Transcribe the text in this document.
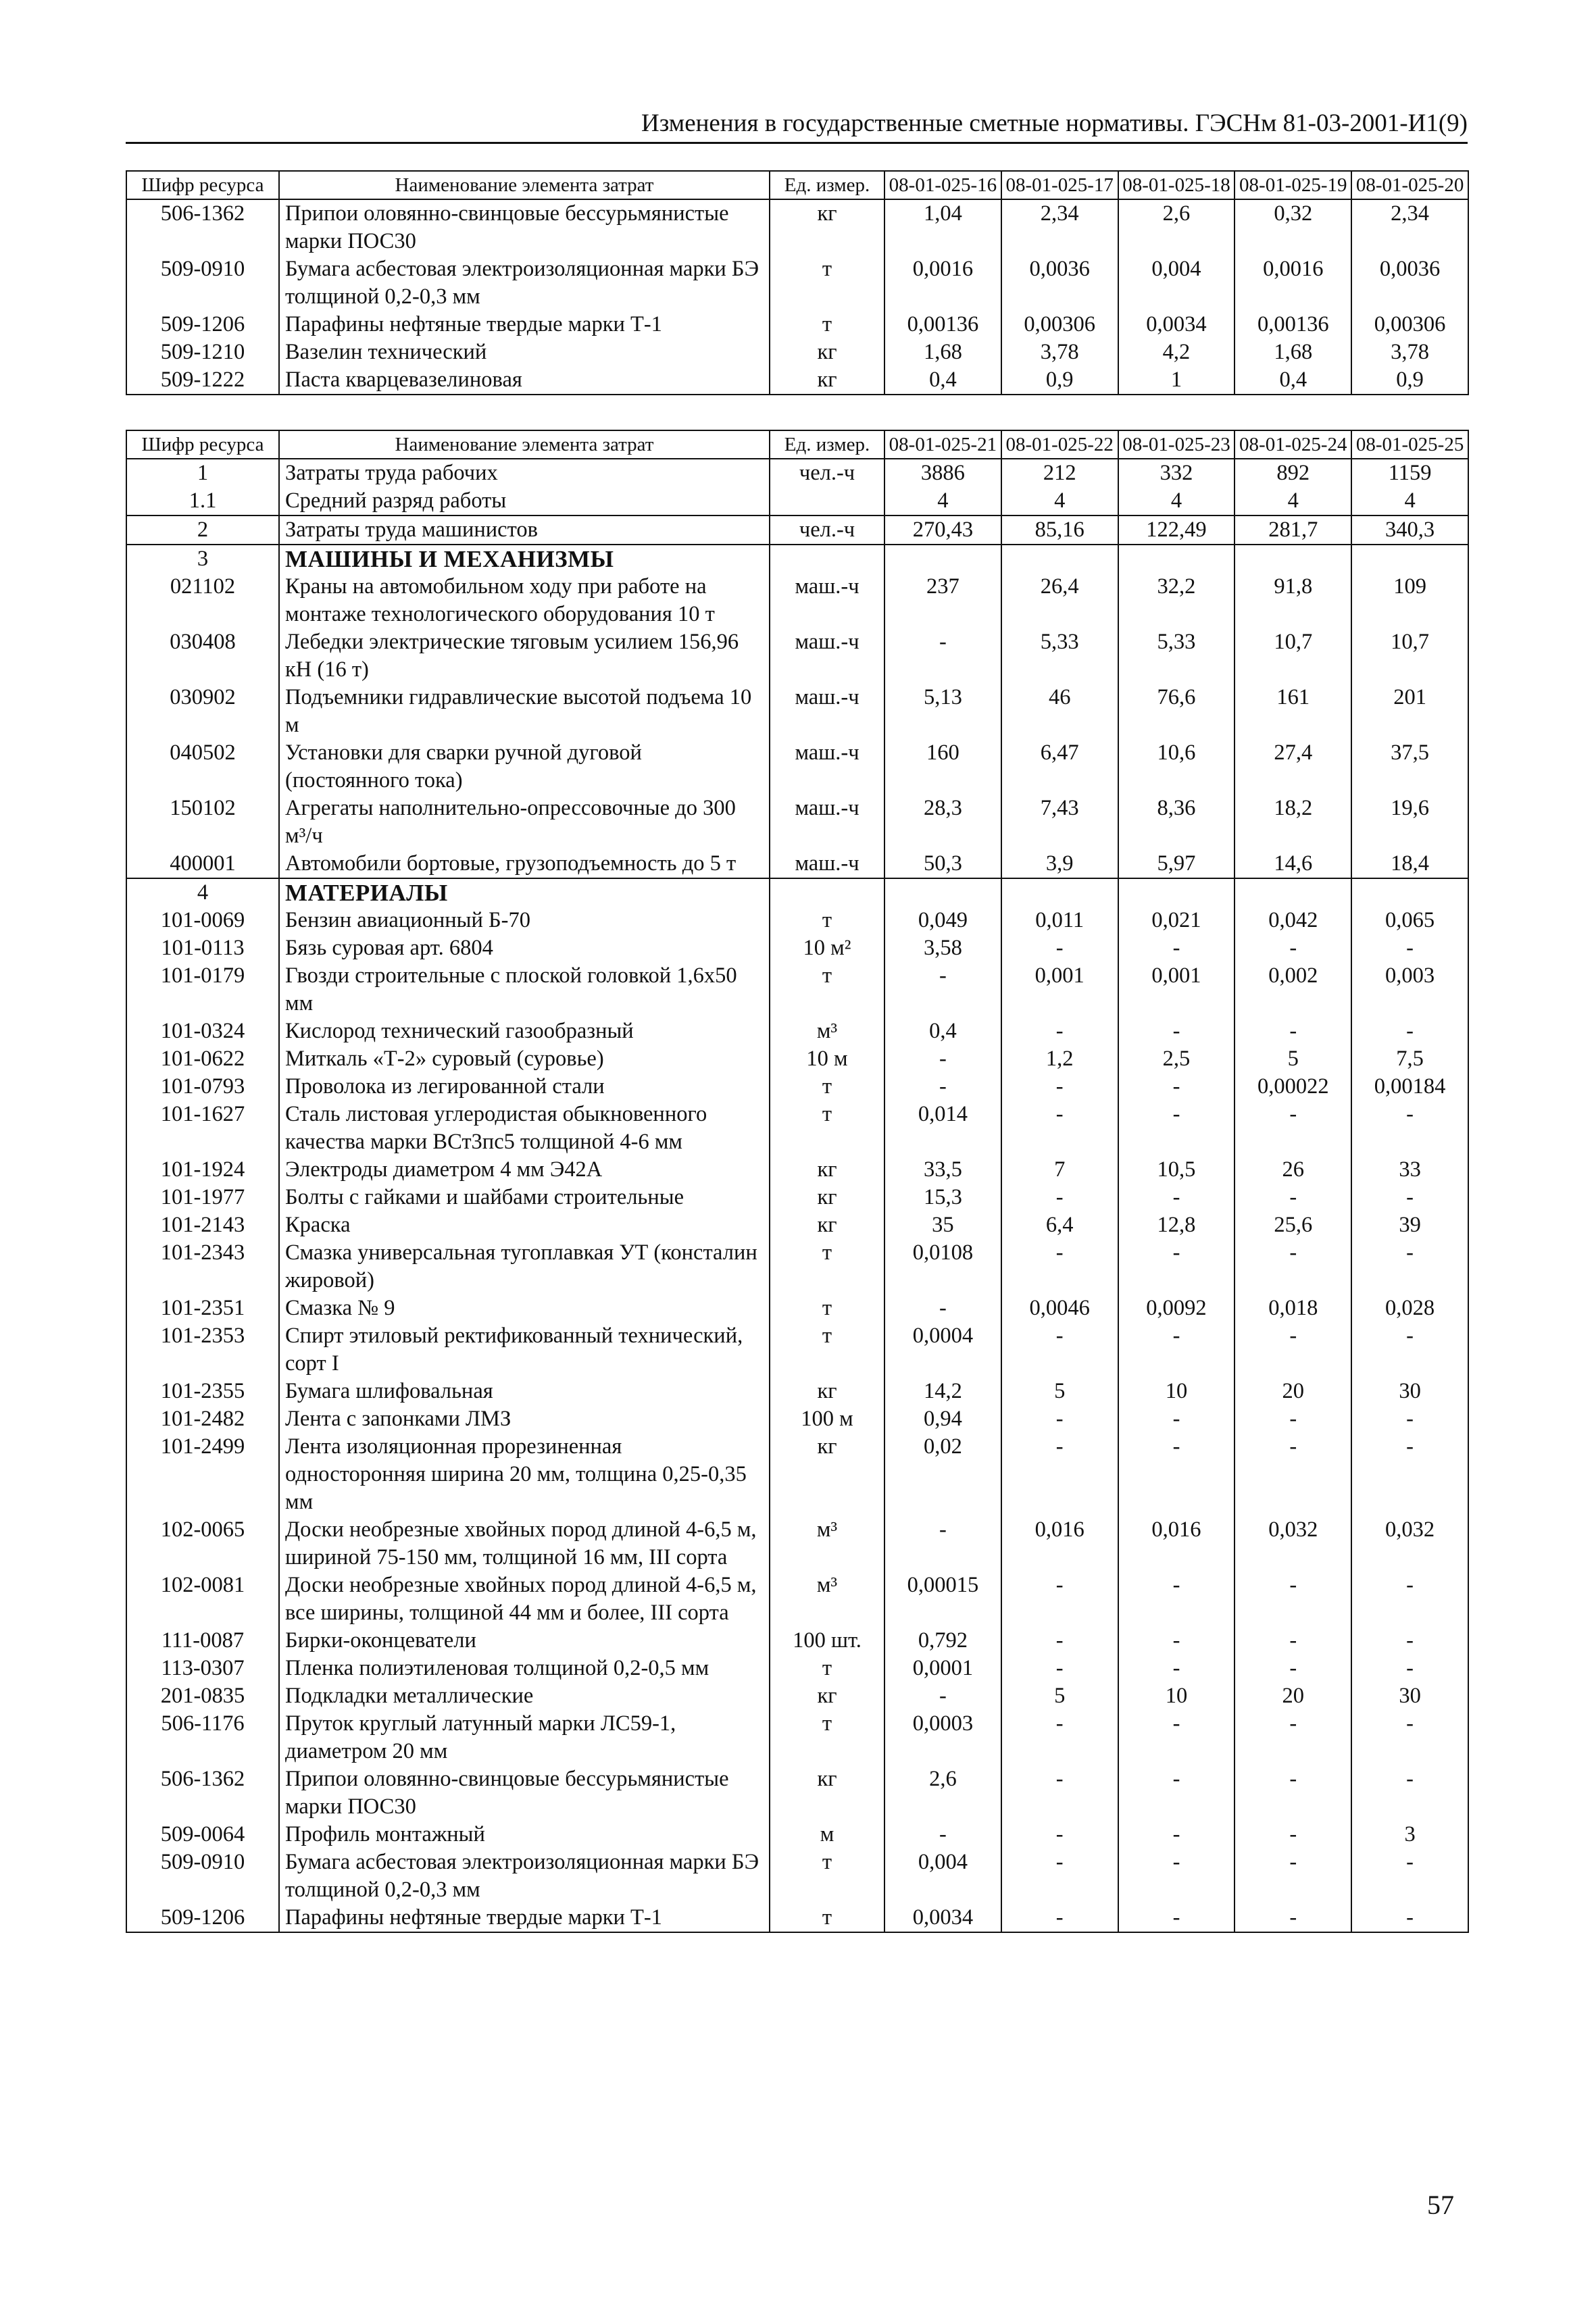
Изменения в государственные сметные нормативы. ГЭСНм 81-03-2001-И1(9)
Шифр ресурса	Наименование элемента затрат	Ед. измер.	08-01-025-16	08-01-025-17	08-01-025-18	08-01-025-19	08-01-025-20
506-1362	Припои оловянно-свинцовые бессурьмянистые марки ПОС30	кг	1,04	2,34	2,6	0,32	2,34
509-0910	Бумага асбестовая электроизоляционная марки БЭ толщиной 0,2-0,3 мм	т	0,0016	0,0036	0,004	0,0016	0,0036
509-1206	Парафины нефтяные твердые марки Т-1	т	0,00136	0,00306	0,0034	0,00136	0,00306
509-1210	Вазелин технический	кг	1,68	3,78	4,2	1,68	3,78
509-1222	Паста кварцевазелиновая	кг	0,4	0,9	1	0,4	0,9
Шифр ресурса	Наименование элемента затрат	Ед. измер.	08-01-025-21	08-01-025-22	08-01-025-23	08-01-025-24	08-01-025-25
1	Затраты труда рабочих	чел.-ч	3886	212	332	892	1159
1.1	Средний разряд работы		4	4	4	4	4
2	Затраты труда машинистов	чел.-ч	270,43	85,16	122,49	281,7	340,3
3	МАШИНЫ И МЕХАНИЗМЫ						
021102	Краны на автомобильном ходу при работе на монтаже технологического оборудования 10 т	маш.-ч	237	26,4	32,2	91,8	109
030408	Лебедки электрические тяговым усилием 156,96 кН (16 т)	маш.-ч	-	5,33	5,33	10,7	10,7
030902	Подъемники гидравлические высотой подъема 10 м	маш.-ч	5,13	46	76,6	161	201
040502	Установки для сварки ручной дуговой (постоянного тока)	маш.-ч	160	6,47	10,6	27,4	37,5
150102	Агрегаты наполнительно-опрессовочные до 300 м³/ч	маш.-ч	28,3	7,43	8,36	18,2	19,6
400001	Автомобили бортовые, грузоподъемность до 5 т	маш.-ч	50,3	3,9	5,97	14,6	18,4
4	МАТЕРИАЛЫ						
101-0069	Бензин авиационный Б-70	т	0,049	0,011	0,021	0,042	0,065
101-0113	Бязь суровая арт. 6804	10 м²	3,58	-	-	-	-
101-0179	Гвозди строительные с плоской головкой 1,6x50 мм	т	-	0,001	0,001	0,002	0,003
101-0324	Кислород технический газообразный	м³	0,4	-	-	-	-
101-0622	Миткаль «Т-2» суровый (суровье)	10 м	-	1,2	2,5	5	7,5
101-0793	Проволока из легированной стали	т	-	-	-	0,00022	0,00184
101-1627	Сталь листовая углеродистая обыкновенного качества марки ВСт3пс5 толщиной 4-6 мм	т	0,014	-	-	-	-
101-1924	Электроды диаметром 4 мм Э42А	кг	33,5	7	10,5	26	33
101-1977	Болты с гайками и шайбами строительные	кг	15,3	-	-	-	-
101-2143	Краска	кг	35	6,4	12,8	25,6	39
101-2343	Смазка универсальная тугоплавкая УТ (консталин жировой)	т	0,0108	-	-	-	-
101-2351	Смазка № 9	т	-	0,0046	0,0092	0,018	0,028
101-2353	Спирт этиловый ректификованный технический, сорт I	т	0,0004	-	-	-	-
101-2355	Бумага шлифовальная	кг	14,2	5	10	20	30
101-2482	Лента с запонками ЛМЗ	100 м	0,94	-	-	-	-
101-2499	Лента изоляционная прорезиненная односторонняя ширина 20 мм, толщина 0,25-0,35 мм	кг	0,02	-	-	-	-
102-0065	Доски необрезные хвойных пород длиной 4-6,5 м, шириной 75-150 мм, толщиной 16 мм, III сорта	м³	-	0,016	0,016	0,032	0,032
102-0081	Доски необрезные хвойных пород длиной 4-6,5 м, все ширины, толщиной 44 мм и более, III сорта	м³	0,00015	-	-	-	-
111-0087	Бирки-оконцеватели	100 шт.	0,792	-	-	-	-
113-0307	Пленка полиэтиленовая толщиной 0,2-0,5 мм	т	0,0001	-	-	-	-
201-0835	Подкладки металлические	кг	-	5	10	20	30
506-1176	Пруток круглый латунный марки ЛС59-1, диаметром 20 мм	т	0,0003	-	-	-	-
506-1362	Припои оловянно-свинцовые бессурьмянистые марки ПОС30	кг	2,6	-	-	-	-
509-0064	Профиль монтажный	м	-	-	-	-	3
509-0910	Бумага асбестовая электроизоляционная марки БЭ толщиной 0,2-0,3 мм	т	0,004	-	-	-	-
509-1206	Парафины нефтяные твердые марки Т-1	т	0,0034	-	-	-	-
57
